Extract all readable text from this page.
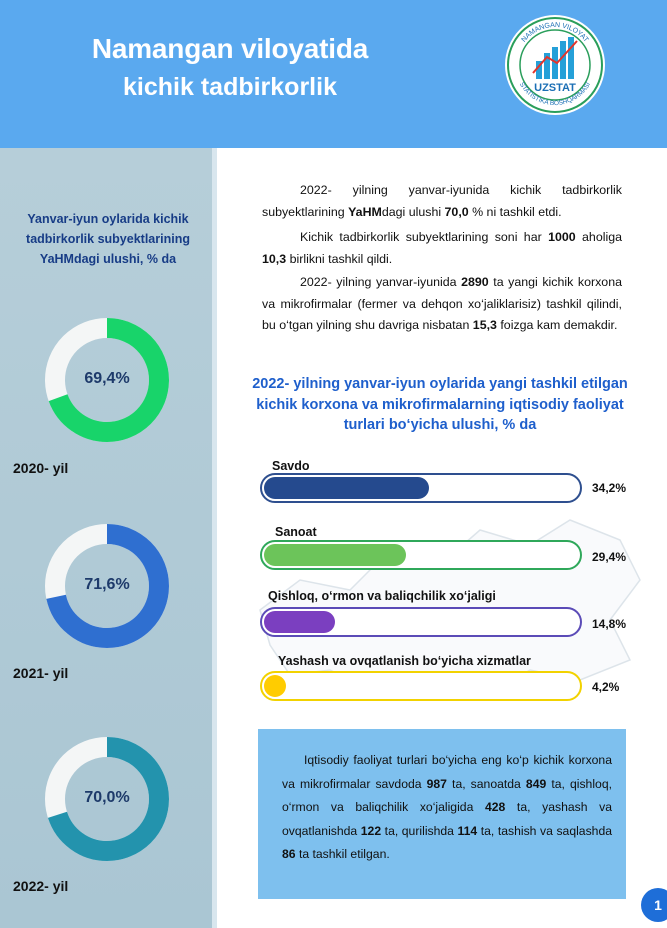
Namangan viloyatida
kichik tadbirkorlik
NAMANGAN VILOYAT
STATISTIKA BOSHQARMASI
UZSTAT
Yanvar-iyun oylarida kichik tadbirkorlik subyektlarining YaHMdagi ulushi, % da
69,4%
2020- yil
71,6%
2021- yil
70,0%
2022- yil
2022- yilning yanvar-iyunida kichik tadbirkorlik subyektlarining YaHMdagi ulushi 70,0 % ni tashkil etdi.
Kichik tadbirkorlik subyektlarining soni har 1000 aholiga 10,3 birlikni tashkil qildi.
2022- yilning yanvar-iyunida 2890 ta yangi kichik korxona va mikrofirmalar (fermer va dehqon xo‘jaliklarisiz) tashkil qilindi, bu o‘tgan yilning shu davriga nisbatan 15,3 foizga kam demakdir.
2022- yilning yanvar-iyun oylarida yangi tashkil etilgan kichik korxona va mikrofirmalarning iqtisodiy faoliyat turlari bo‘yicha ulushi, % da
Savdo
34,2%
Sanoat
29,4%
Qishloq, o‘rmon va baliqchilik xo‘jaligi
14,8%
Yashash va ovqatlanish bo‘yicha xizmatlar
4,2%
Iqtisodiy faoliyat turlari bo‘yicha eng ko‘p kichik korxona va mikrofirmalar savdoda 987 ta, sanoatda 849 ta, qishloq, o‘rmon va baliqchilik xo‘jaligida 428 ta, yashash va ovqatlanishda 122 ta, qurilishda 114 ta, tashish va saqlashda 86 ta tashkil etilgan.
1
